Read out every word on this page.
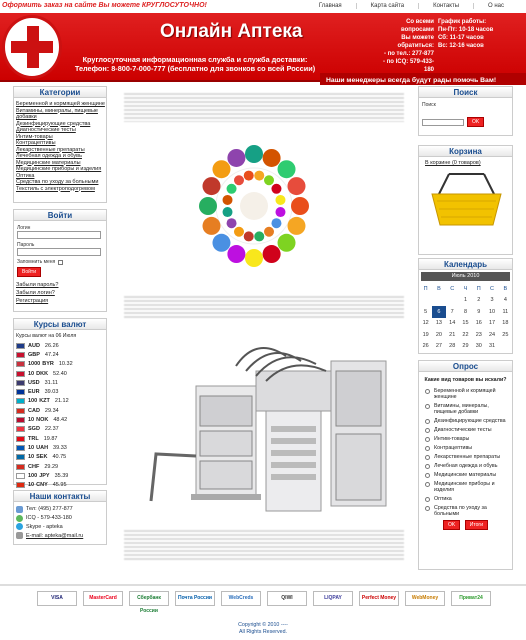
Оформить заказ на сайте Вы можете КРУГЛОСУТОЧНО!	Главная	Карта сайта	Контакты	О нас
Онлайн Аптека
Круглосуточная информационная служба и служба доставки:
Телефон: 8-800-7-000-777 (бесплатно для звонков со всей России)
Со всеми вопросами
Вы можете обратиться:
- по тел.: 277-877
- по ICQ: 579-433-180
График работы:
Пн-Пт: 10-18 часов
Сб: 11-17 часов
Вс: 12-16 часов
Наши менеджеры всегда будут рады помочь Вам!
Категории
Беременной и кормящей женщине
Витамины, минералы, пищевые добавки
Дезинфицирующие средства
Диагностические тесты
Интим-товары
Контрацептивы
Лекарственные препараты
Лечебная одежда и обувь
Медицинские материалы
Медицинские приборы и изделия
Оптика
Средства по уходу за больными
Текстиль с электроподогревом
Войти
Логин
Пароль
Запомнить меня
Войти
Забыли пароль?
Забыли логин?
Регистрация
Курсы валют
Курсы валют на 06 Июля
AUD 26.26
GBP 47.24
1000 BYR 10.32
10 DKK 52.40
USD 31.11
EUR 39.03
100 KZT 21.12
CAD 29.34
10 NOK 48.42
SGD 22.37
TRL 19.87
10 UAH 39.33
10 SEK 40.75
CHF 29.29
100 JPY 35.39
10 CNY 45.95
Наши контакты
Тел: (495) 277-877
ICQ - 579-433-180
Skype - apteka
E-mail: apteka@mail.ru
Поиск
Поиск
OK
Корзина
В корзине (0 товаров)
Календарь
Июль 2010
П	В	С	Ч	П	С	В
			1	2	3	4
5	6	7	8	9	10	11
12	13	14	15	16	17	18
19	20	21	22	23	24	25
26	27	28	29	30	31	
Опрос
Какие вид товаров вы искали?
Беременной и кормящей женщине
Витамины, минералы, пищевые добавки
Дезинфицирующие средства
Диагностические тесты
Интим-товары
Контрацептивы
Лекарственные препараты
Лечебная одежда и обувь
Медицинские материалы
Медицинские приборы и изделия
Оптика
Средства по уходу за больными
OK	Итоги
VISA	MasterCard	Сбербанк России
Почта России	WebCreds	QIWI	LIQPAY	Perfect Money	WebMoney	Приват24
Copyright © 2010 ----
All Rights Reserved.
